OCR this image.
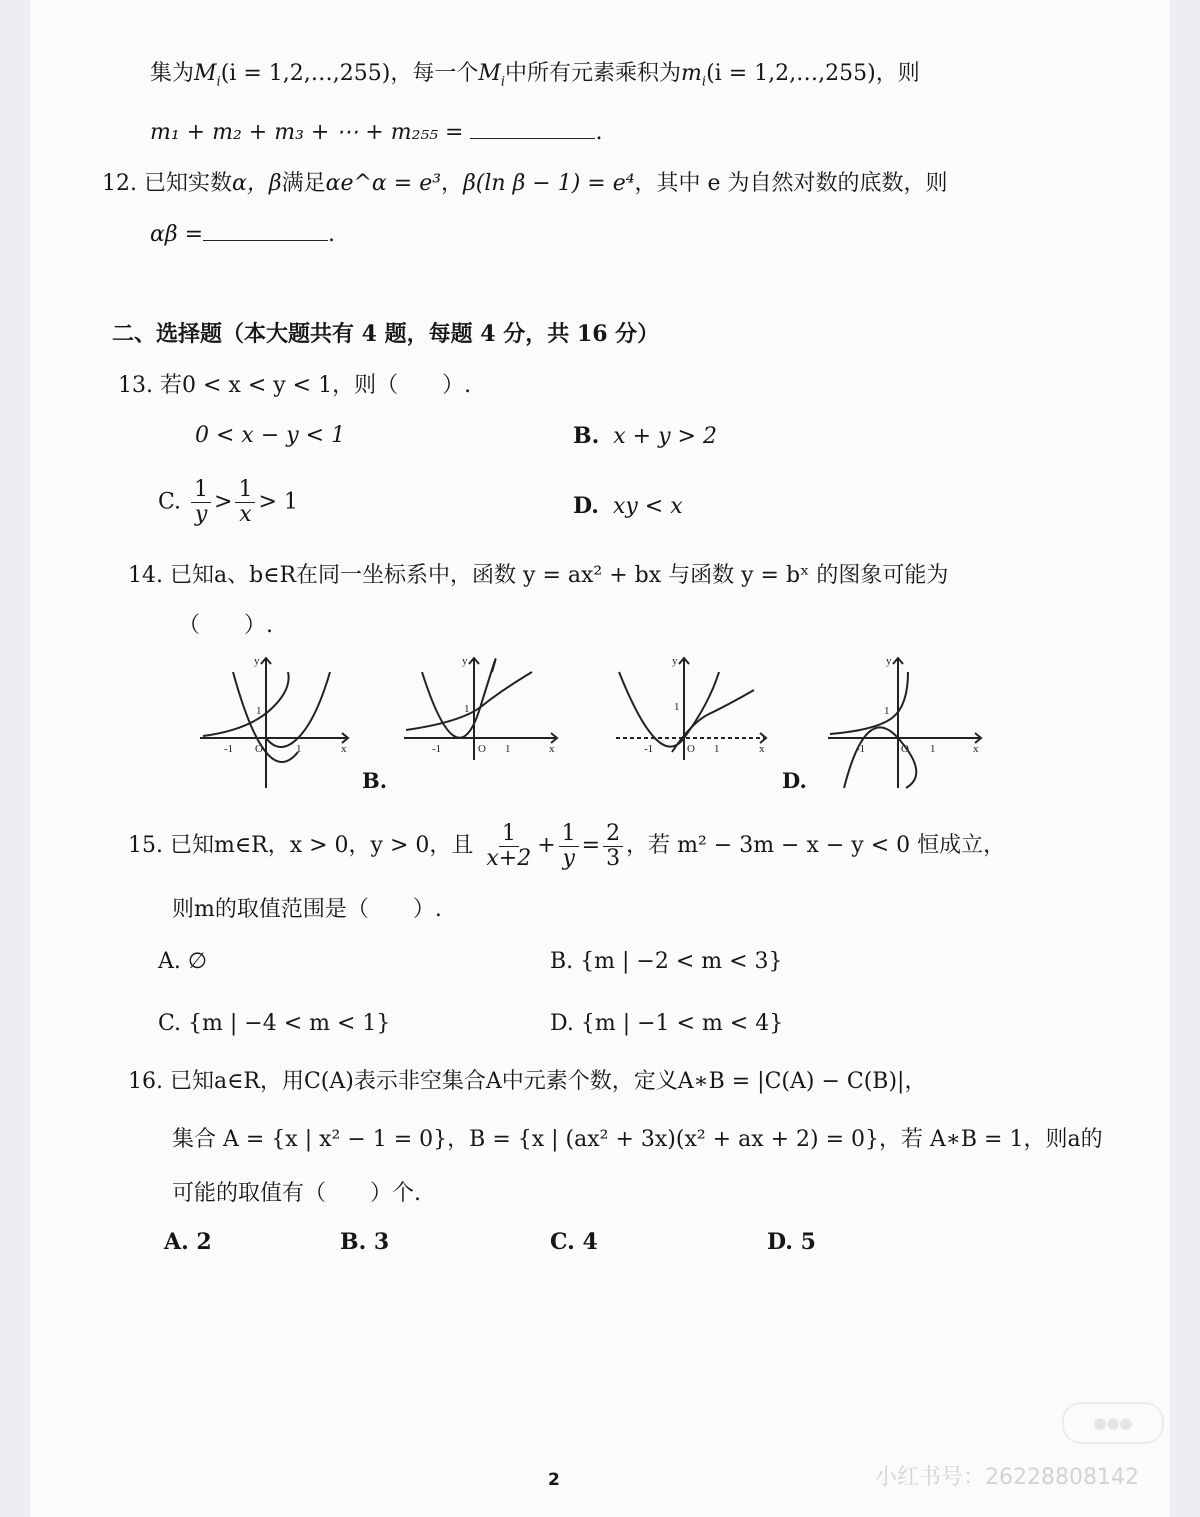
集为$M_i(i$ = 1,2,…,255)，每一个$M_i$中所有元素乘积为$m_i(i$ = 1,2,…,255)，则
m₁ + m₂ + m₃ + ⋯ + m₂₅₅ =	.
12. 已知实数α，β满足αe^α = e³，β(ln β − 1) = e⁴，其中 e 为自然对数的底数，则
αβ =	.
二、选择题（本大题共有 4 题，每题 4 分，共 16 分）
13. 若0 < x < y < 1，则（　　）.
0 < x − y < 1	B. x + y > 2
C. $\frac{1}{y} > \frac{1}{x} > 1$	D. xy < x
14. 已知a、b∈R在同一坐标系中，函数 y = ax² + bx 与函数 y = bˣ 的图象可能为
（　　）.
-1 O	1
1
x
y
B.
-1	O 1
1
x
y
-1	O 1
1
x
y
D.
-1	O 1
1
x
y
15. 已知m∈R，x > 0，y > 0，且 $\frac{1}{x+2} + \frac{1}{y} = \frac{2}{3}$ ，若 m² − 3m − x − y < 0 恒成立，
则m的取值范围是（　　）.
A. ∅	B. {m | −2 < m < 3}
C. {m | −4 < m < 1}	D. {m | −1 < m < 4}
16. 已知a∈R，用C(A)表示非空集合A中元素个数，定义A∗B = |C(A) − C(B)|，
集合 A = {x | x² − 1 = 0}，B = {x | (ax² + 3x)(x² + ax + 2) = 0}，若 A∗B = 1，则a的
可能的取值有（　　）个.
A. 2	B. 3	C. 4	D. 5
2
●●●
小红书号：26228808142
